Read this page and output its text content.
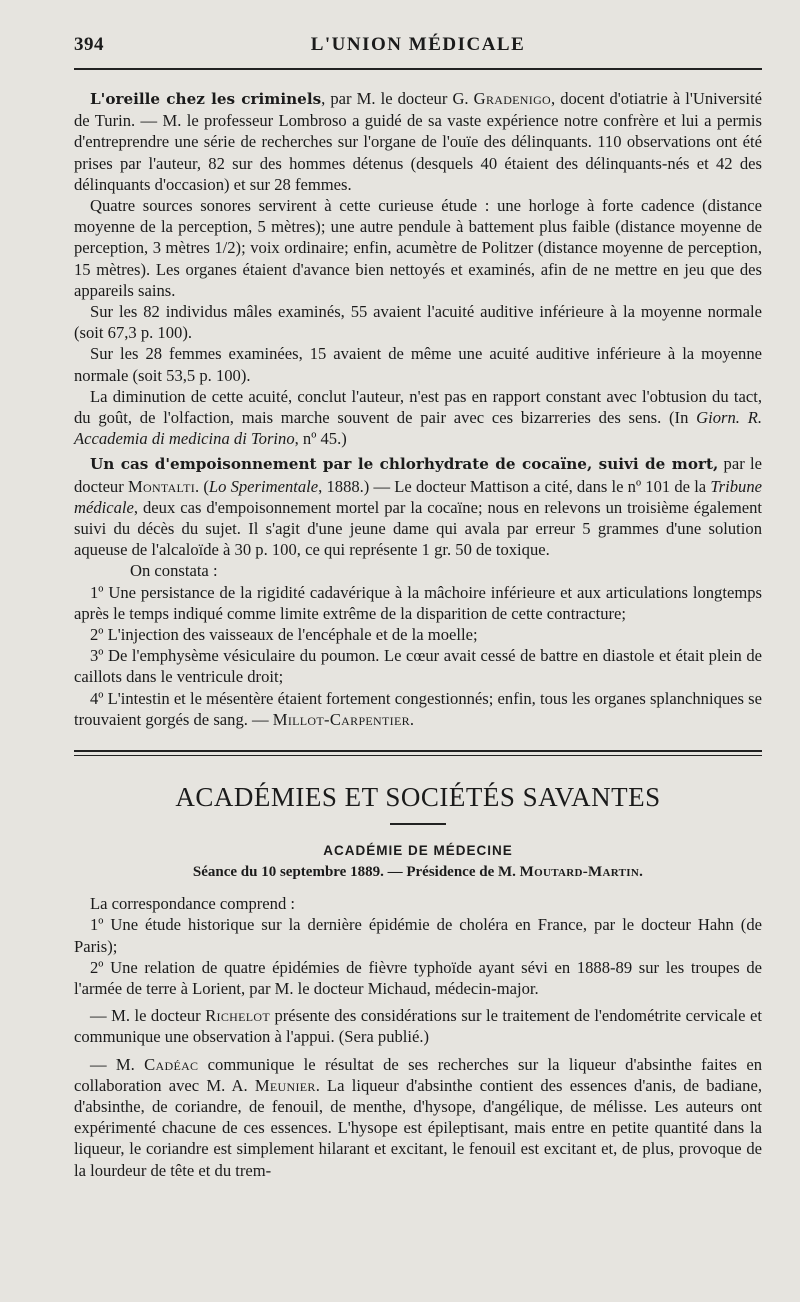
L'UNION MÉDICALE
394

L'oreille chez les criminels, par M. le docteur G. Gradenigo, docent d'otiatrie à l'Université de Turin. — M. le professeur Lombroso a guidé de sa vaste expérience notre confrère et lui a permis d'entreprendre une série de recherches sur l'organe de l'ouïe des délinquants. 110 observations ont été prises par l'auteur, 82 sur des hommes détenus (desquels 40 étaient des délinquants-nés et 42 des délinquants d'occasion) et sur 28 femmes.

Quatre sources sonores servirent à cette curieuse étude : une horloge à forte cadence (distance moyenne de la perception, 5 mètres); une autre pendule à battement plus faible (distance moyenne de perception, 3 mètres 1/2); voix ordinaire; enfin, acumètre de Politzer (distance moyenne de perception, 15 mètres). Les organes étaient d'avance bien nettoyés et examinés, afin de ne mettre en jeu que des appareils sains.

Sur les 82 individus mâles examinés, 55 avaient l'acuité auditive inférieure à la moyenne normale (soit 67,3 p. 100).

Sur les 28 femmes examinées, 15 avaient de même une acuité auditive inférieure à la moyenne normale (soit 53,5 p. 100).

La diminution de cette acuité, conclut l'auteur, n'est pas en rapport constant avec l'obtusion du tact, du goût, de l'olfaction, mais marche souvent de pair avec ces bizarreries des sens. (In Giorn. R. Accademia di medicina di Torino, nº 45.)

Un cas d'empoisonnement par le chlorhydrate de cocaïne, suivi de mort, par le docteur Montalti. (Lo Sperimentale, 1888.) — Le docteur Mattison a cité, dans le nº 101 de la Tribune médicale, deux cas d'empoisonnement mortel par la cocaïne; nous en relevons un troisième également suivi du décès du sujet. Il s'agit d'une jeune dame qui avala par erreur 5 grammes d'une solution aqueuse de l'alcaloïde à 30 p. 100, ce qui représente 1 gr. 50 de toxique.

On constata :

1º Une persistance de la rigidité cadavérique à la mâchoire inférieure et aux articulations longtemps après le temps indiqué comme limite extrême de la disparition de cette contracture;

2º L'injection des vaisseaux de l'encéphale et de la moelle;

3º De l'emphysème vésiculaire du poumon. Le cœur avait cessé de battre en diastole et était plein de caillots dans le ventricule droit;

4º L'intestin et le mésentère étaient fortement congestionnés; enfin, tous les organes splanchniques se trouvaient gorgés de sang. — Millot-Carpentier.

ACADÉMIES ET SOCIÉTÉS SAVANTES
ACADÉMIE DE MÉDECINE
Séance du 10 septembre 1889. — Présidence de M. Moutard-Martin.

La correspondance comprend :

1º Une étude historique sur la dernière épidémie de choléra en France, par le docteur Hahn (de Paris);

2º Une relation de quatre épidémies de fièvre typhoïde ayant sévi en 1888-89 sur les troupes de l'armée de terre à Lorient, par M. le docteur Michaud, médecin-major.

— M. le docteur Richelot présente des considérations sur le traitement de l'endométrite cervicale et communique une observation à l'appui. (Sera publié.)

— M. Cadéac communique le résultat de ses recherches sur la liqueur d'absinthe faites en collaboration avec M. A. Meunier. La liqueur d'absinthe contient des essences d'anis, de badiane, d'absinthe, de coriandre, de fenouil, de menthe, d'hysope, d'angélique, de mélisse. Les auteurs ont expérimenté chacune de ces essences. L'hysope est épileptisant, mais entre en petite quantité dans la liqueur, le coriandre est simplement hilarant et excitant, le fenouil est excitant et, de plus, provoque de la lourdeur de tête et du trem-
